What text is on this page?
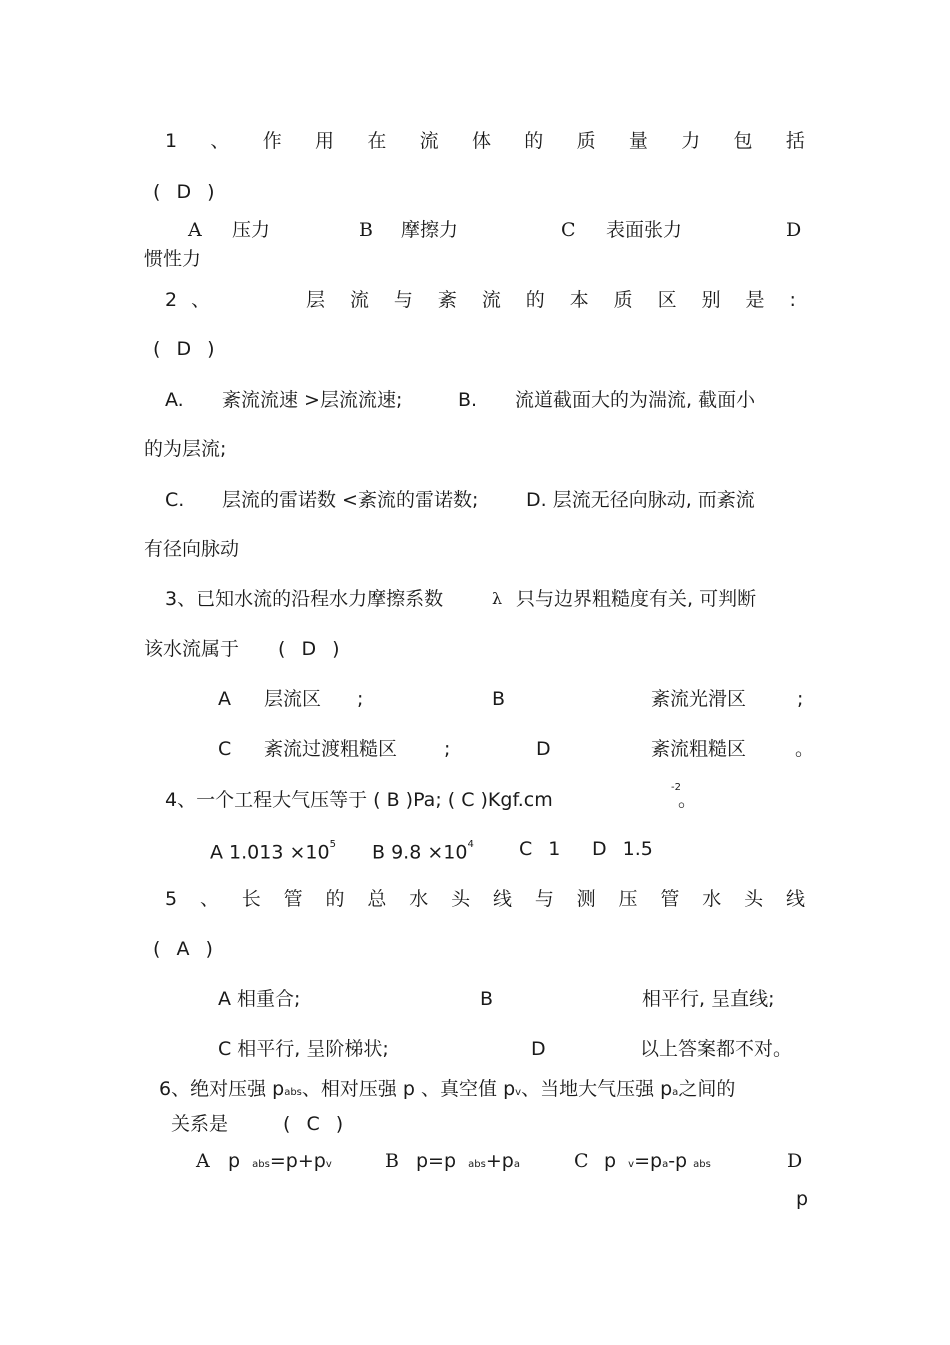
1 、 作 用 在 流 体 的 质 量 力 包 括
( D )
A 压力	B 摩擦力	C 表面张力	D
惯性力
2 、	层 流 与 紊 流 的 本 质 区 别 是 :
( D )
A. 紊流流速 >层流流速;	B. 流道截面大的为湍流, 截面小
的为层流;
C. 层流的雷诺数 <紊流的雷诺数;	D. 层流无径向脉动, 而紊流
有径向脉动
3、已知水流的沿程水力摩擦系数	λ 只与边界粗糙度有关, 可判断
该水流属于 ( D )
A 层流区 ;	B	紊流光滑区	;
C 紊流过渡粗糙区 ;	D	紊流粗糙区	。
4、一个工程大气压等于 ( B )Pa; ( C )Kgf.cm
-2
。
A $1.013 \times 10^5$ B $9.8 \times 10^4$ C 1 D 1.5
5 、 长 管 的 总 水 头 线 与 测 压 管 水 头 线
( A )
A 相重合;	B	相平行, 呈直线;
C 相平行, 呈阶梯状;	D	以上答案都不对。
6、绝对压强 pabs、相对压强 p 、真空值 pv、当地大气压强 pa之间的
关系是	( C )
A p abs=p+pv	B p=p abs+pa	C p v=pa-p abs	D
p
